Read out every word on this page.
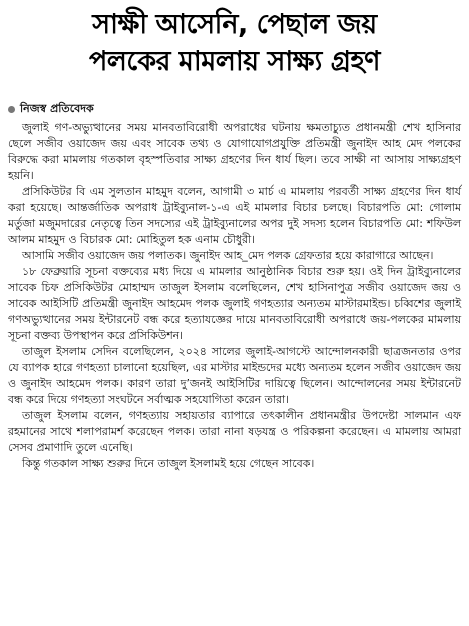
সাক্ষী আসেনি, পেছাল জয়
পলকের মামলায় সাক্ষ্য গ্রহণ
নিজস্ব প্রতিবেদক

জুলাই গণ-অভ্যুত্থানের সময় মানবতাবিরোধী অপরাধের ঘটনায় ক্ষমতাচ্যুত প্রধানমন্ত্রী শেখ হাসিনার ছেলে সজীব ওয়াজেদ জয় এবং সাবেক তথ্য ও যোগাযোগপ্রযুক্তি প্রতিমন্ত্রী জুনাইদ আহ মেদ পলকের বিরুদ্ধে করা মামলায় গতকাল বৃহস্পতিবার সাক্ষ্য গ্রহণের দিন ধার্য ছিল। তবে সাক্ষী না আসায় সাক্ষ্যগ্রহণ হয়নি।

প্রসিকিউটর বি এম সুলতান মাহমুদ বলেন, আগামী ৩ মার্চ এ মামলায় পরবর্তী সাক্ষ্য গ্রহণের দিন ধার্য করা হয়েছে। আন্তর্জাতিক অপরাধ ট্রাইব্যুনাল-১-এ এই মামলার বিচার চলছে। বিচারপতি মো: গোলাম মর্তুজা মজুমদারের নেতৃত্বে তিন সদস্যের এই ট্রাইব্যুনালের অপর দুই সদস্য হলেন বিচারপতি মো: শফিউল আলম মাহমুদ ও বিচারক মো: মোহিতুল হক এনাম চৌধুরী।

আসামি সজীব ওয়াজেদ জয় পলাতক। জুনাইদ আহ_মেদ পলক গ্রেফতার হয়ে কারাগারে আছেন।

১৮ ফেব্রুয়ারি সূচনা বক্তব্যের মধ্য দিয়ে এ মামলার আনুষ্ঠানিক বিচার শুরু হয়। ওই দিন ট্রাইব্যুনালের সাবেক চিফ প্রসিকিউটর মোহাম্মদ তাজুল ইসলাম বলেছিলেন, শেখ হাসিনাপুত্র সজীব ওয়াজেদ জয় ও সাবেক আইসিটি প্রতিমন্ত্রী জুনাইদ আহমেদ পলক জুলাই গণহত্যার অন্যতম মাস্টারমাইন্ড। চব্বিশের জুলাই গণঅভ্যুত্থানের সময় ইন্টারনেট বন্ধ করে হত্যাযজ্ঞের দায়ে মানবতাবিরোধী অপরাধে জয়-পলকের মামলায় সূচনা বক্তব্য উপস্থাপন করে প্রসিকিউশন।

তাজুল ইসলাম সেদিন বলেছিলেন, ২০২৪ সালের জুলাই-আগস্টে আন্দোলনকারী ছাত্রজনতার ওপর যে ব্যাপক হারে গণহত্যা চালানো হয়েছিল, এর মাস্টার মাইন্ডদের মধ্যে অন্যতম হলেন সজীব ওয়াজেদ জয় ও জুনাইদ আহমেদ পলক। কারণ তারা দু’জনই আইসিটির দায়িত্বে ছিলেন। আন্দোলনের সময় ইন্টারনেট বন্ধ করে দিয়ে গণহত্যা সংঘটনে সর্বাত্মক সহযোগিতা করেন তারা।

তাজুল ইসলাম বলেন, গণহত্যায় সহায়তার ব্যাপারে তৎকালীন প্রধানমন্ত্রীর উপদেষ্টা সালমান এফ রহমানের সাথে শলাপরামর্শ করেছেন পলক। তারা নানা ষড়যন্ত্র ও পরিকল্পনা করেছেন। এ মামলায় আমরা সেসব প্রমাণাদি তুলে এনেছি।

কিন্তু গতকাল সাক্ষ্য শুরুর দিনে তাজুল ইসলামই হয়ে গেছেন সাবেক।
